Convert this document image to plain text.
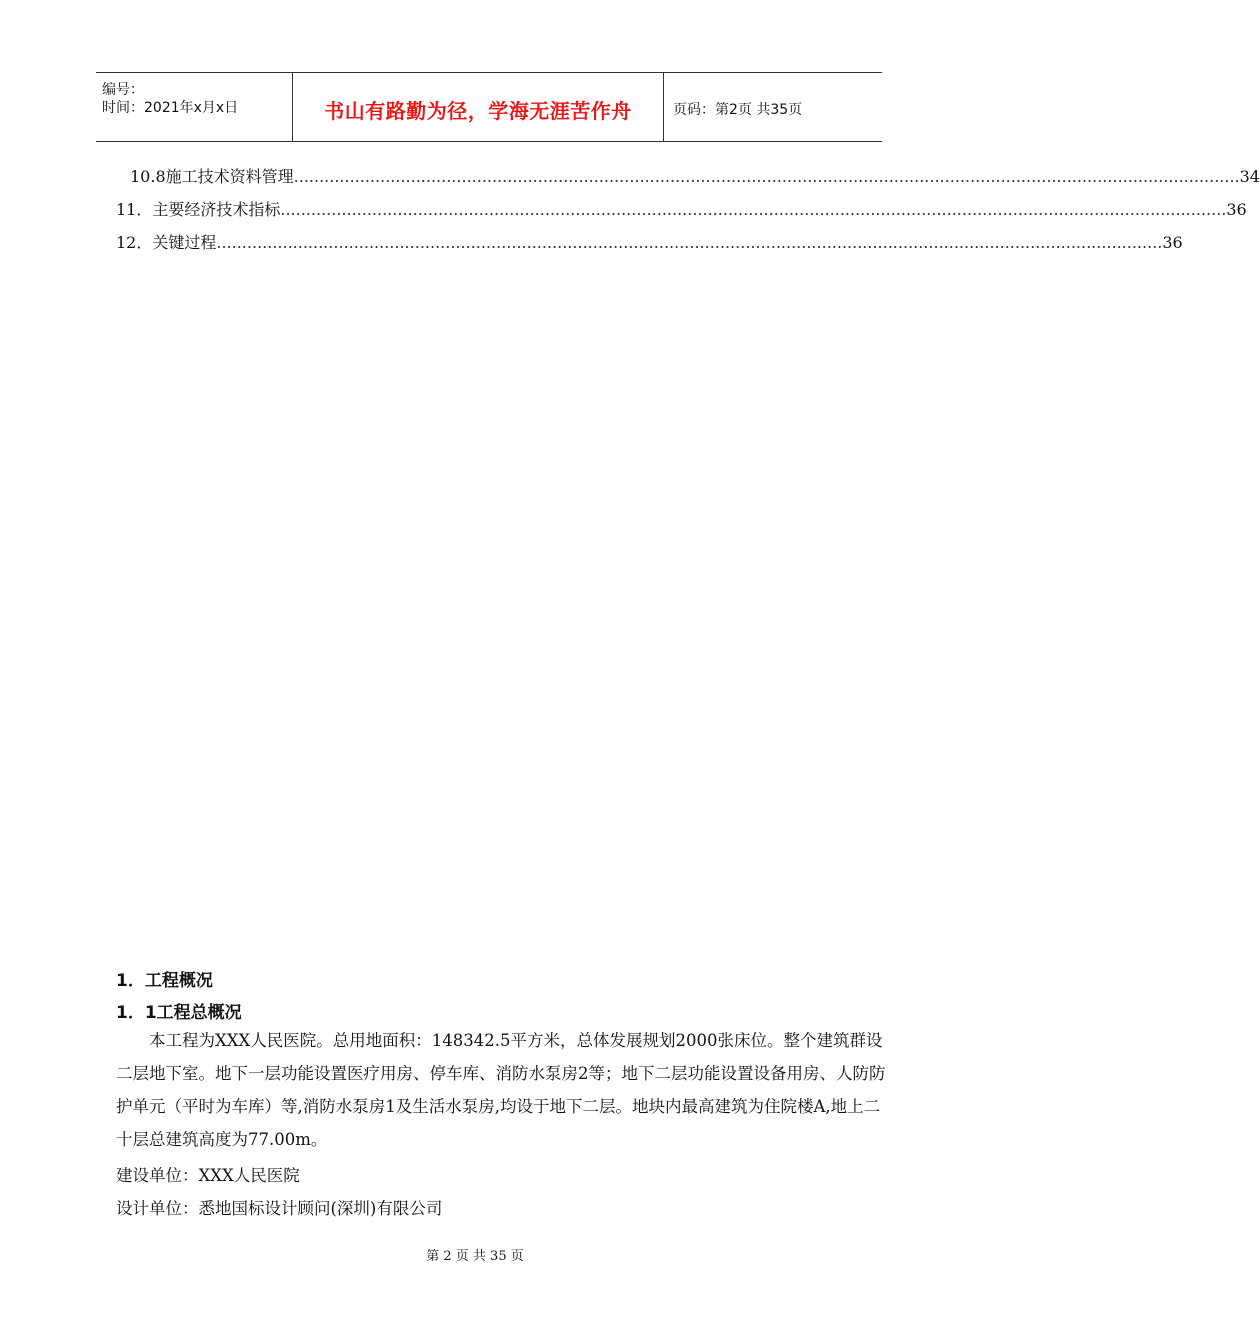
编号：
时间：2021年x月x日	书山有路勤为径，学海无涯苦作舟	页码：第2页 共35页
10.8施工技术资料管理 .......................................................................................................................................................................................... 34
11．主要经济技术指标 .......................................................................................................................................................................................... 36
12．关键过程 .......................................................................................................................................................................................... 36
1．工程概况
1．1工程总概况
本工程为XXX人民医院。总用地面积：148342.5平方米，总体发展规划2000张床位。整个建筑群设二层地下室。地下一层功能设置医疗用房、停车库、消防水泵房2等；地下二层功能设置设备用房、人防防护单元（平时为车库）等,消防水泵房1及生活水泵房,均设于地下二层。地块内最高建筑为住院楼A,地上二十层总建筑高度为77.00m。
建设单位：XXX人民医院
设计单位：悉地国标设计顾问(深圳)有限公司
第 2 页 共 35 页
